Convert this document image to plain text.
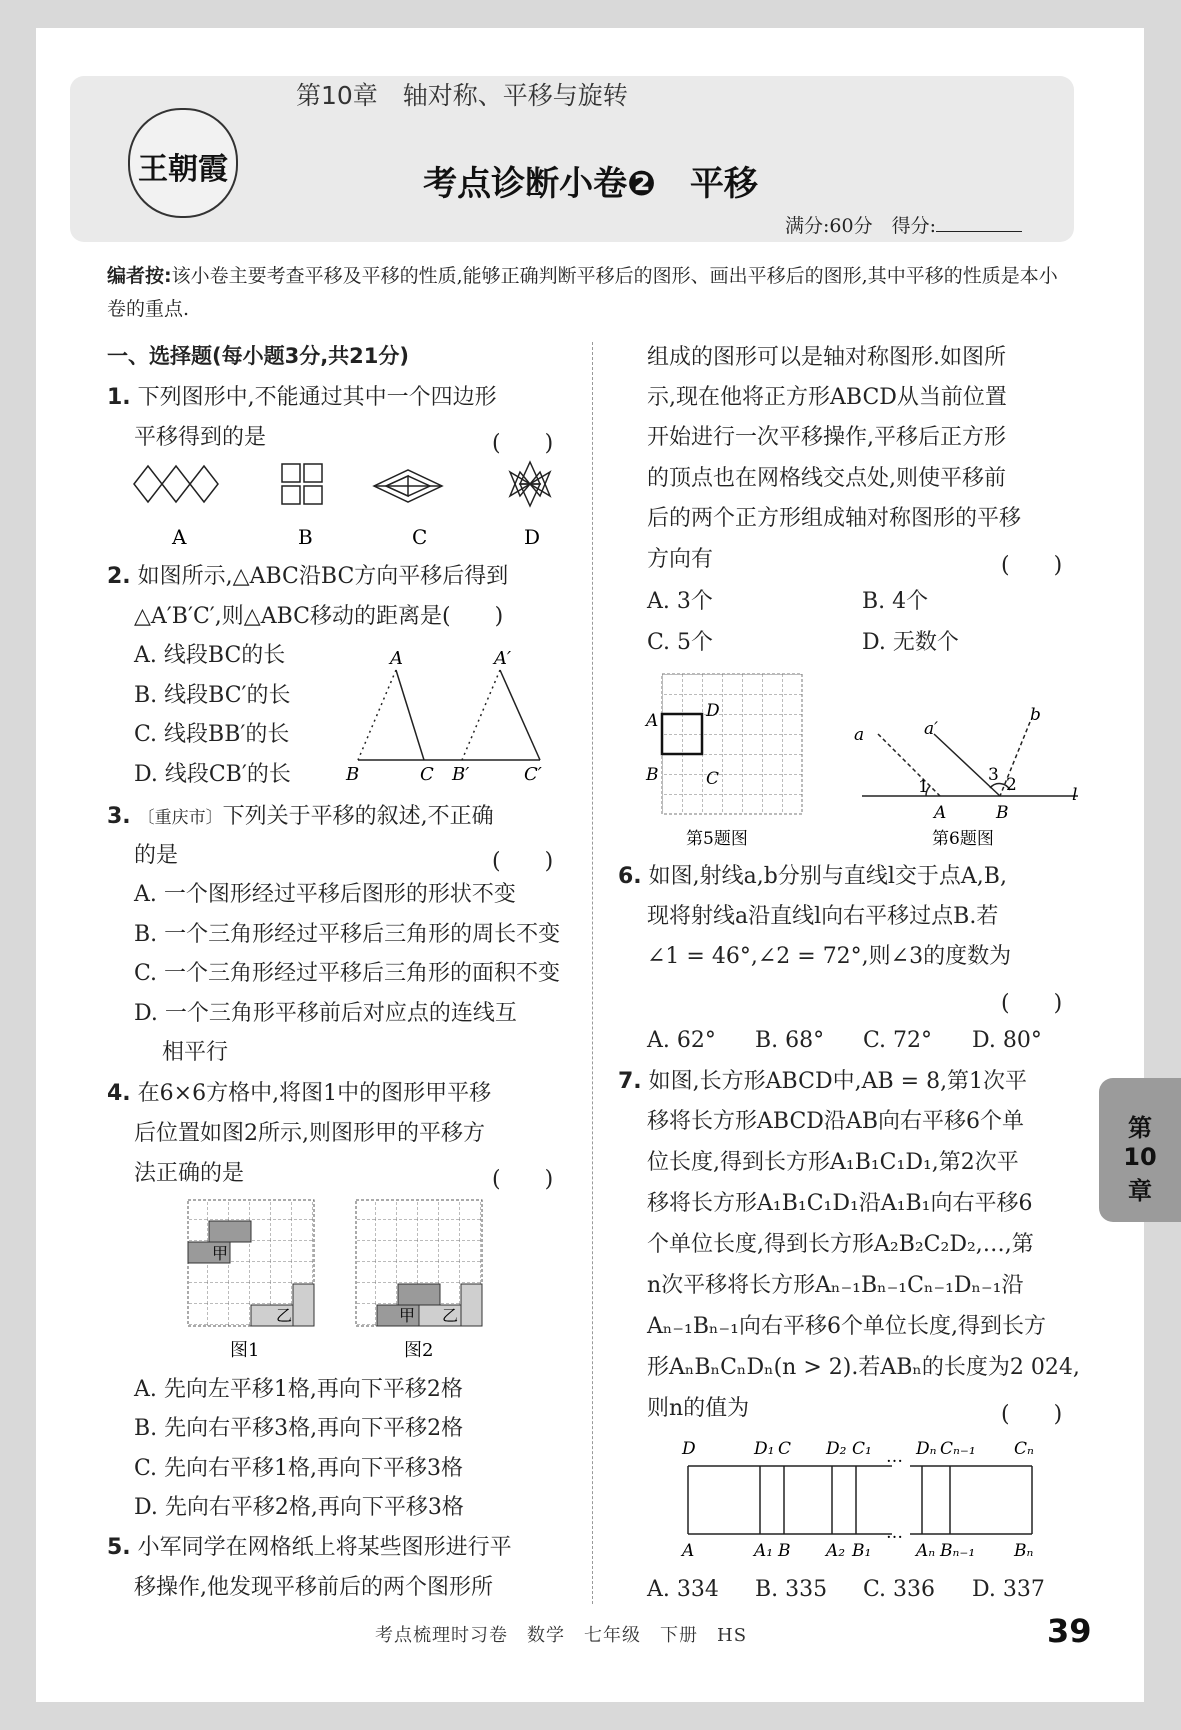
王朝霞
第10章　轴对称、平移与旋转
考点诊断小卷❷　平移
满分:60分　得分:
编者按:该小卷主要考查平移及平移的性质,能够正确判断平移后的图形、画出平移后的图形,其中平移的性质是本小卷的重点.
一、选择题(每小题3分,共21分)
1. 下列图形中,不能通过其中一个四边形
平移得到的是	(　　)
A	B	C	D
2. 如图所示,△ABC沿BC方向平移后得到
△A′B′C′,则△ABC移动的距离是(　　)
A. 线段BC的长
B. 线段BC′的长
C. 线段BB′的长
D. 线段CB′的长
A	A′
B	C B′	C′
3. 〔重庆市〕下列关于平移的叙述,不正确
的是	(　　)
A. 一个图形经过平移后图形的形状不变
B. 一个三角形经过平移后三角形的周长不变
C. 一个三角形经过平移后三角形的面积不变
D. 一个三角形平移前后对应点的连线互
相平行
4. 在6×6方格中,将图1中的图形甲平移
后位置如图2所示,则图形甲的平移方
法正确的是	(　　)
甲
乙	甲 乙
图1	图2
A. 先向左平移1格,再向下平移2格
B. 先向右平移3格,再向下平移2格
C. 先向右平移1格,再向下平移3格
D. 先向右平移2格,再向下平移3格
5. 小军同学在网格纸上将某些图形进行平
移操作,他发现平移前后的两个图形所
组成的图形可以是轴对称图形.如图所
示,现在他将正方形ABCD从当前位置
开始进行一次平移操作,平移后正方形
的顶点也在网格线交点处,则使平移前
后的两个正方形组成轴对称图形的平移
方向有	(　　)
A. 3个	B. 4个
C. 5个	D. 无数个
A	D
B	C
第5题图
a	a′
b
1
3 2	l
A	B
第6题图
6. 如图,射线a,b分别与直线l交于点A,B,
现将射线a沿直线l向右平移过点B.若
∠1 = 46°,∠2 = 72°,则∠3的度数为
(　　)
A. 62° B. 68° C. 72° D. 80°
7. 如图,长方形ABCD中,AB = 8,第1次平
移将长方形ABCD沿AB向右平移6个单
位长度,得到长方形A₁B₁C₁D₁,第2次平
移将长方形A₁B₁C₁D₁沿A₁B₁向右平移6
个单位长度,得到长方形A₂B₂C₂D₂,…,第
n次平移将长方形Aₙ₋₁Bₙ₋₁Cₙ₋₁Dₙ₋₁沿
Aₙ₋₁Bₙ₋₁向右平移6个单位长度,得到长方
形AₙBₙCₙDₙ(n > 2).若ABₙ的长度为2 024,
则n的值为	(　　)
D	D₁ C D₂ C₁ … Dₙ Cₙ₋₁ Cₙ
A	A₁ B A₂ B₁
…
Aₙ Bₙ₋₁ Bₙ
A. 334 B. 335 C. 336 D. 337
第
10
章
考点梳理时习卷　数学　七年级　下册　HS	39
